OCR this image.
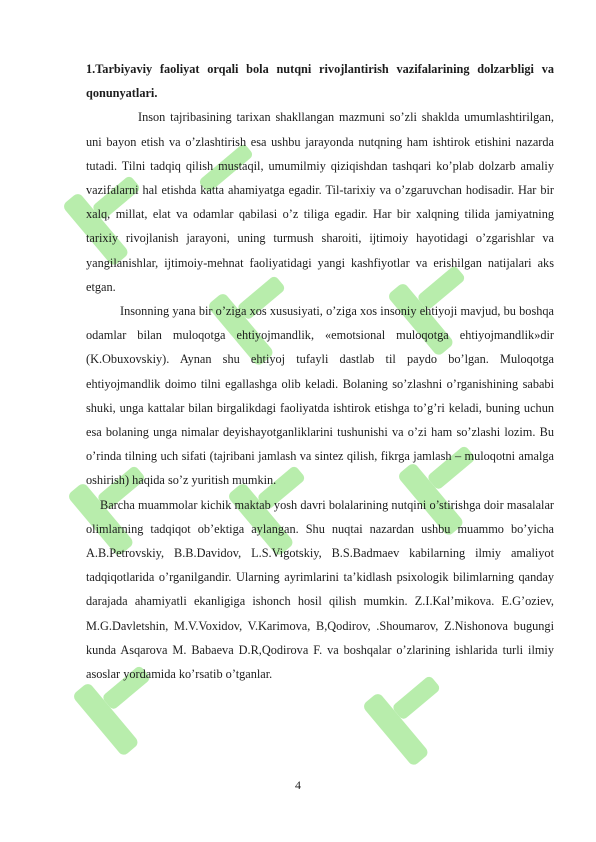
1.Tarbiyaviy faoliyat orqali bola nutqni rivojlantirish vazifalarining dolzarbligi va qonunyatlari.

Inson tajribasining tarixan shakllangan mazmuni so’zli shaklda umumlashtirilgan, uni bayon etish va o’zlashtirish esa ushbu jarayonda nutqning ham ishtirok etishini nazarda tutadi. Tilni tadqiq qilish mustaqil, umumilmiy qiziqishdan tashqari ko’plab dolzarb amaliy vazifalarni hal etishda katta ahamiyatga egadir. Til-tarixiy va o’zgaruvchan hodisadir. Har bir xalq, millat, elat va odamlar qabilasi o’z tiliga egadir. Har bir xalqning tilida jamiyatning tarixiy rivojlanish jarayoni, uning turmush sharoiti, ijtimoiy hayotidagi o’zgarishlar va yangilanishlar, ijtimoiy-mehnat faoliyatidagi yangi kashfiyotlar va erishilgan natijalari aks etgan.

Insonning yana bir o’ziga xos xususiyati, o’ziga xos insoniy ehtiyoji mavjud, bu boshqa odamlar bilan muloqotga ehtiyojmandlik, «emotsional muloqotga ehtiyojmandlik»dir (K.Obuxovskiy). Aynan shu ehtiyoj tufayli dastlab til paydo bo’lgan. Muloqotga ehtiyojmandlik doimo tilni egallashga olib keladi. Bolaning so’zlashni o’rganishining sababi shuki, unga kattalar bilan birgalikdagi faoliyatda ishtirok etishga to’g’ri keladi, buning uchun esa bolaning unga nimalar deyishayotganliklarini tushunishi va o’zi ham so’zlashi lozim. Bu o’rinda tilning uch sifati (tajribani jamlash va sintez qilish, fikrga jamlash – muloqotni amalga oshirish) haqida so’z yuritish mumkin.

Barcha muammolar kichik maktab yosh davri bolalarining nutqini o’stirishga doir masalalar olimlarning tadqiqot ob’ektiga aylangan. Shu nuqtai nazardan ushbu muammo bo’yicha A.B.Petrovskiy, B.B.Davidov, L.S.Vigotskiy, B.S.Badmaev kabilarning ilmiy amaliyot tadqiqotlarida o’rganilgandir. Ularning ayrimlarini ta’kidlash psixologik bilimlarning qanday darajada ahamiyatli ekanligiga ishonch hosil qilish mumkin. Z.I.Kal’mikova. E.G’oziev, M.G.Davletshin, M.V.Voxidov, V.Karimova, B,Qodirov, .Shoumarov, Z.Nishonova bugungi kunda Asqarova M. Babaeva D.R,Qodirova F. va boshqalar o’zlarining ishlarida turli ilmiy asoslar yordamida ko’rsatib o’tganlar.

4
